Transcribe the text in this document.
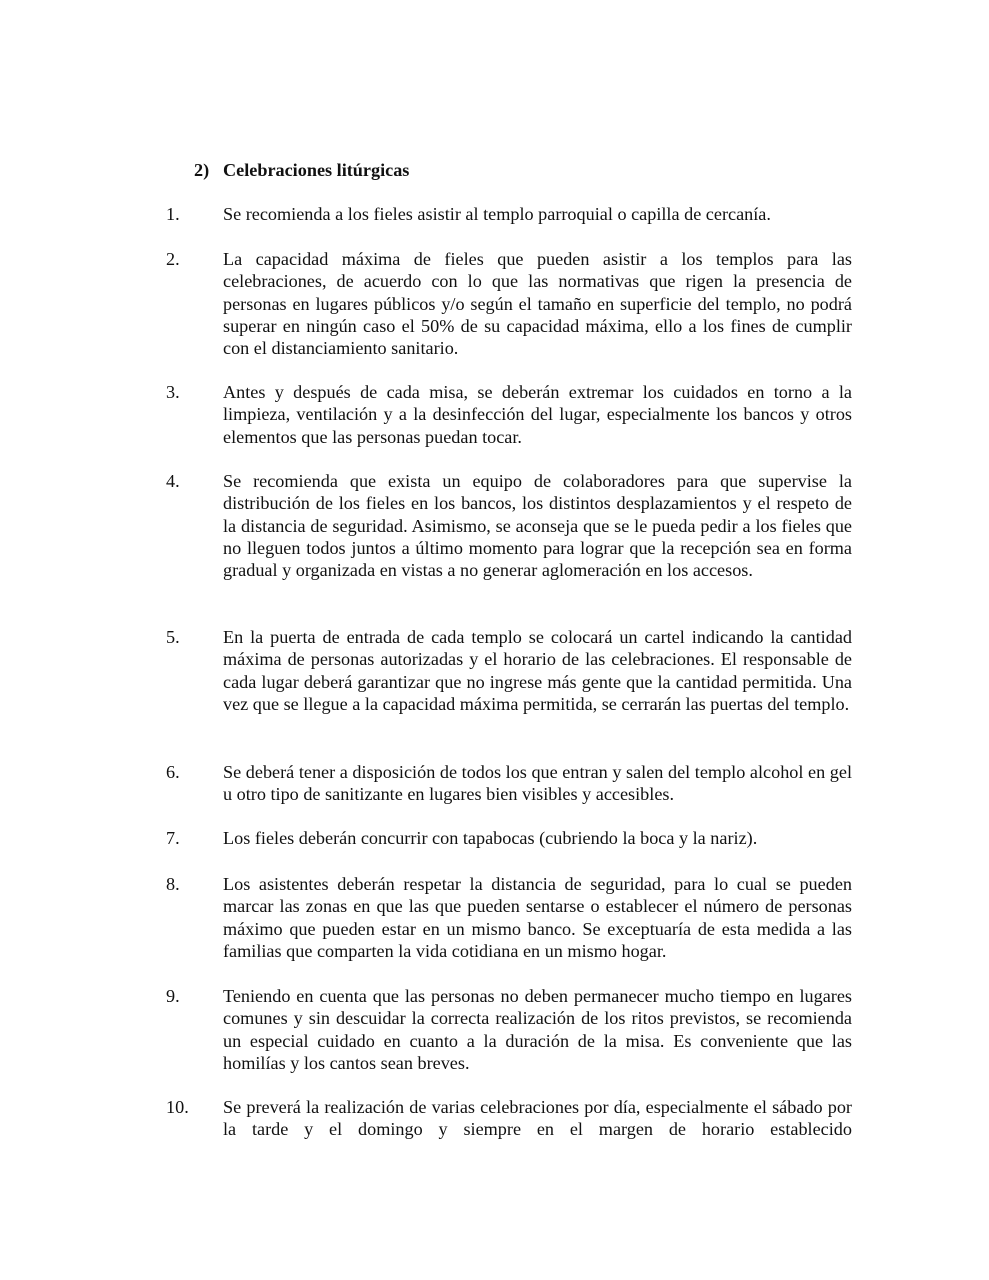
2) Celebraciones litúrgicas
1. Se recomienda a los fieles asistir al templo parroquial o capilla de cercanía.
2. La capacidad máxima de fieles que pueden asistir a los templos para las celebraciones, de acuerdo con lo que las normativas que rigen la presencia de personas en lugares públicos y/o según el tamaño en superficie del templo, no podrá superar en ningún caso el 50% de su capacidad máxima, ello a los fines de cumplir con el distanciamiento sanitario.
3. Antes y después de cada misa, se deberán extremar los cuidados en torno a la limpieza, ventilación y a la desinfección del lugar, especialmente los bancos y otros elementos que las personas puedan tocar.
4. Se recomienda que exista un equipo de colaboradores para que supervise la distribución de los fieles en los bancos, los distintos desplazamientos y el respeto de la distancia de seguridad. Asimismo, se aconseja que se le pueda pedir a los fieles que no lleguen todos juntos a último momento para lograr que la recepción sea en forma gradual y organizada en vistas a no generar aglomeración en los accesos.
5. En la puerta de entrada de cada templo se colocará un cartel indicando la cantidad máxima de personas autorizadas y el horario de las celebraciones. El responsable de cada lugar deberá garantizar que no ingrese más gente que la cantidad permitida. Una vez que se llegue a la capacidad máxima permitida, se cerrarán las puertas del templo.
6. Se deberá tener a disposición de todos los que entran y salen del templo alcohol en gel u otro tipo de sanitizante en lugares bien visibles y accesibles.
7. Los fieles deberán concurrir con tapabocas (cubriendo la boca y la nariz).
8. Los asistentes deberán respetar la distancia de seguridad, para lo cual se pueden marcar las zonas en que las que pueden sentarse o establecer el número de personas máximo que pueden estar en un mismo banco. Se exceptuaría de esta medida a las familias que comparten la vida cotidiana en un mismo hogar.
9. Teniendo en cuenta que las personas no deben permanecer mucho tiempo en lugares comunes y sin descuidar la correcta realización de los ritos previstos, se recomienda un especial cuidado en cuanto a la duración de la misa. Es conveniente que las homilías y los cantos sean breves.
10. Se preverá la realización de varias celebraciones por día, especialmente el sábado por la tarde y el domingo y siempre en el margen de horario establecido
